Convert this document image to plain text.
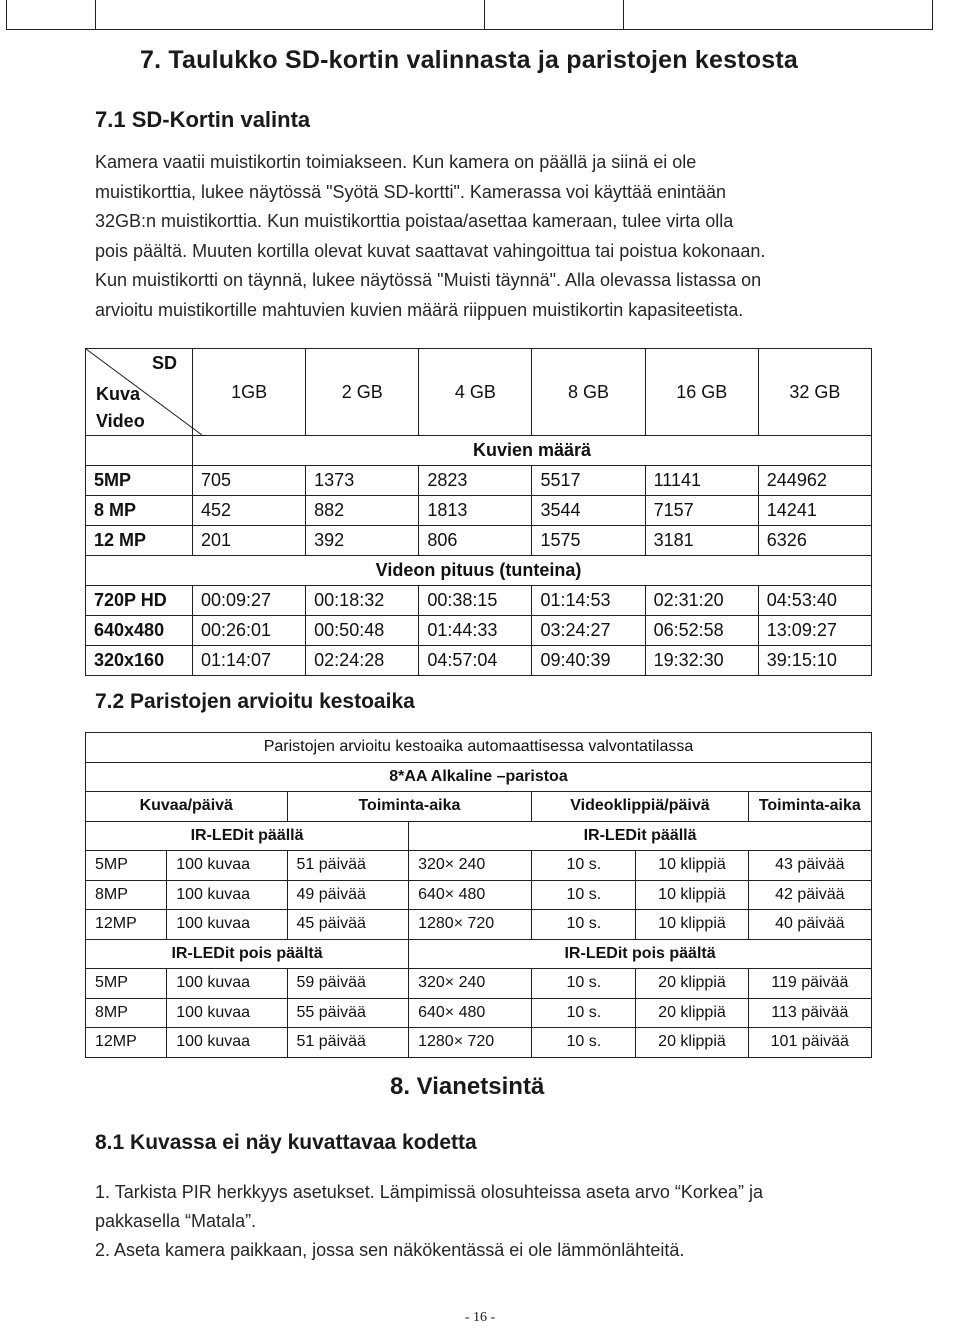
7. Taulukko SD-kortin valinnasta ja paristojen kestosta
7.1 SD-Kortin valinta
Kamera vaatii muistikortin toimiakseen. Kun kamera on päällä ja siinä ei ole
muistikorttia, lukee näytössä "Syötä SD-kortti". Kamerassa voi käyttää enintään
32GB:n muistikorttia. Kun muistikorttia poistaa/asettaa kameraan, tulee virta olla
pois päältä. Muuten kortilla olevat kuvat saattavat vahingoittua tai poistua kokonaan.
Kun muistikortti on täynnä, lukee näytössä "Muisti täynnä". Alla olevassa listassa on
arvioitu muistikortille mahtuvien kuvien määrä riippuen muistikortin kapasiteetista.
SD
Kuva
Video	1GB	2 GB	4 GB	8 GB	16 GB	32 GB
	Kuvien määrä					
5MP	705	1373	2823	5517	11141	244962
8 MP	452	882	1813	3544	7157	14241
12 MP	201	392	806	1575	3181	6326
Videon pituus (tunteina)						
720P HD	00:09:27	00:18:32	00:38:15	01:14:53	02:31:20	04:53:40
640x480	00:26:01	00:50:48	01:44:33	03:24:27	06:52:58	13:09:27
320x160	01:14:07	02:24:28	04:57:04	09:40:39	19:32:30	39:15:10
7.2 Paristojen arvioitu kestoaika
Paristojen arvioitu kestoaika automaattisessa valvontatilassa						
8*AA Alkaline –paristoa						
Kuvaa/päivä		Toiminta-aika		Videoklippiä/päivä		Toiminta-aika
IR-LEDit päällä			IR-LEDit päällä			
5MP	100 kuvaa	51 päivää	320× 240	10 s.	10 klippiä	43 päivää
8MP	100 kuvaa	49 päivää	640× 480	10 s.	10 klippiä	42 päivää
12MP	100 kuvaa	45 päivää	1280× 720	10 s.	10 klippiä	40 päivää
IR-LEDit pois päältä			IR-LEDit pois päältä			
5MP	100 kuvaa	59 päivää	320× 240	10 s.	20 klippiä	119 päivää
8MP	100 kuvaa	55 päivää	640× 480	10 s.	20 klippiä	113 päivää
12MP	100 kuvaa	51 päivää	1280× 720	10 s.	20 klippiä	101 päivää
8. Vianetsintä
8.1 Kuvassa ei näy kuvattavaa kodetta
1. Tarkista PIR herkkyys asetukset. Lämpimissä olosuhteissa aseta arvo “Korkea” ja
pakkasella “Matala”.
2. Aseta kamera paikkaan, jossa sen näkökentässä ei ole lämmönlähteitä.
- 16 -
